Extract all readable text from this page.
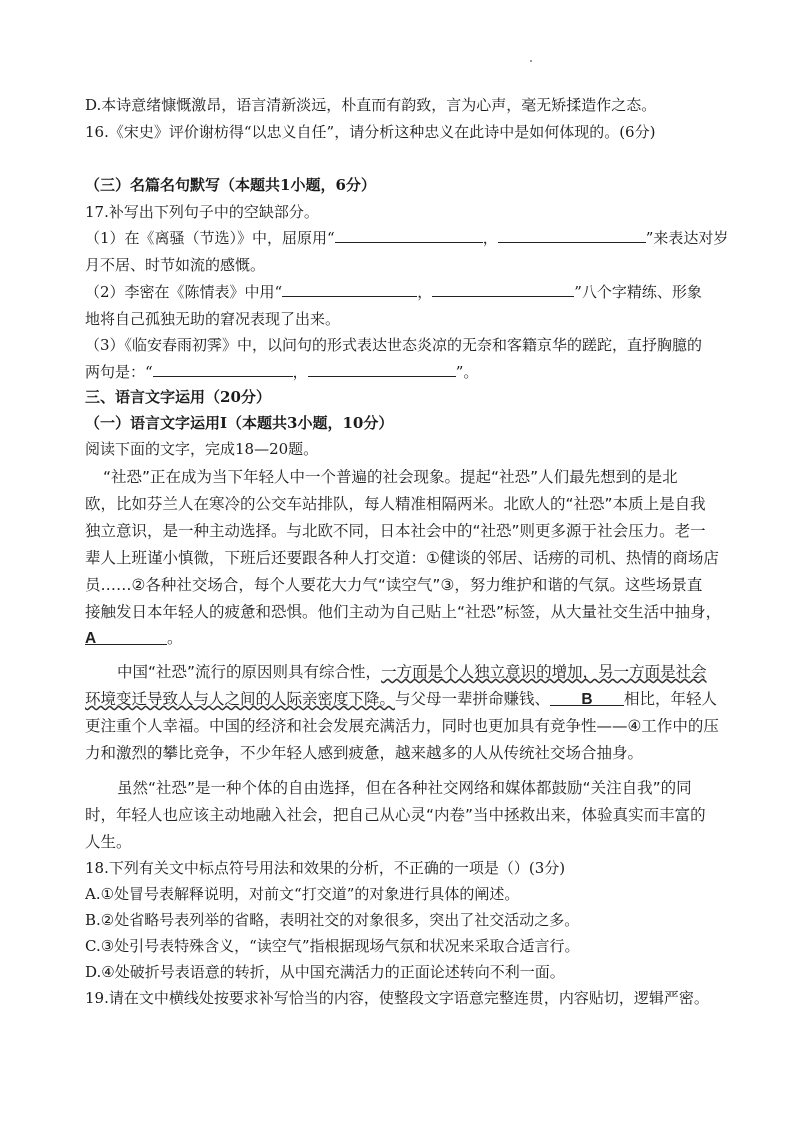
D.本诗意绪慷慨激昂，语言清新淡远，朴直而有韵致，言为心声，毫无矫揉造作之态。
16.《宋史》评价谢枋得“以忠义自任”，请分析这种忠义在此诗中是如何体现的。(6分)
（三）名篇名句默写（本题共1小题，6分）
17.补写出下列句子中的空缺部分。
（1）在《离骚（节选）》中，屈原用“	，	”来表达对岁
月不居、时节如流的感慨。
（2）李密在《陈情表》中用“	，	”八个字精练、形象
地将自己孤独无助的窘况表现了出来。
（3）《临安春雨初霁》中，以问句的形式表达世态炎凉的无奈和客籍京华的蹉跎，直抒胸臆的
两句是：“	，	”。
三、语言文字运用（20分）
（一）语言文字运用Ⅰ（本题共3小题，10分）
阅读下面的文字，完成18—20题。
“社恐”正在成为当下年轻人中一个普遍的社会现象。提起“社恐”人们最先想到的是北
欧，比如芬兰人在寒冷的公交车站排队，每人精准相隔两米。北欧人的“社恐”本质上是自我
独立意识，是一种主动选择。与北欧不同，日本社会中的“社恐”则更多源于社会压力。老一
辈人上班谨小慎微，下班后还要跟各种人打交道：①健谈的邻居、话痨的司机、热情的商场店
员……②各种社交场合，每个人要花大力气“读空气”③，努力维护和谐的气氛。这些场景直
接触发日本年轻人的疲惫和恐惧。他们主动为自己贴上“社恐”标签，从大量社交生活中抽身，
A	。
中国“社恐”流行的原因则具有综合性，一方面是个人独立意识的增加，另一方面是社会
环境变迁导致人与人之间的人际亲密度下降。与父母一辈拼命赚钱、 B 相比，年轻人
更注重个人幸福。中国的经济和社会发展充满活力，同时也更加具有竞争性——④工作中的压
力和激烈的攀比竞争，不少年轻人感到疲惫，越来越多的人从传统社交场合抽身。
虽然“社恐”是一种个体的自由选择，但在各种社交网络和媒体都鼓励“关注自我”的同
时，年轻人也应该主动地融入社会，把自己从心灵“内卷”当中拯救出来，体验真实而丰富的
人生。
18.下列有关文中标点符号用法和效果的分析，不正确的一项是（）(3分)
A.①处冒号表解释说明，对前文“打交道”的对象进行具体的阐述。
B.②处省略号表列举的省略，表明社交的对象很多，突出了社交活动之多。
C.③处引号表特殊含义，“读空气”指根据现场气氛和状况来采取合适言行。
D.④处破折号表语意的转折，从中国充满活力的正面论述转向不利一面。
19.请在文中横线处按要求补写恰当的内容，使整段文字语意完整连贯，内容贴切，逻辑严密。
